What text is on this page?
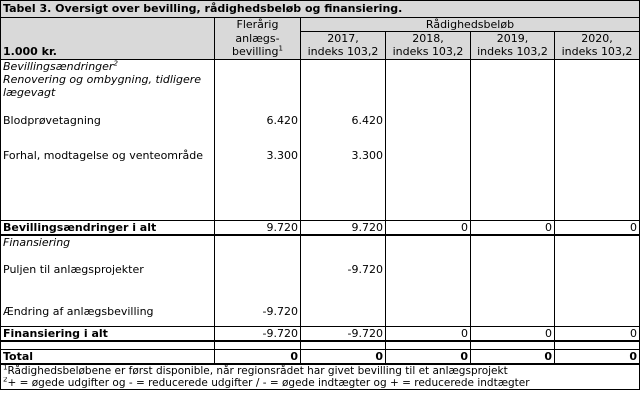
Tabel 3. Oversigt over bevilling, rådighedsbeløb og finansiering.					
	Flerårig	Rådighedsbeløb			
	anlægs-	2017,	2018,	2019,	2020,
1.000 kr.	bevilling$^1$	indeks 103,2	indeks 103,2	indeks 103,2	indeks 103,2
Bevillingsændringer$^2$					
Renovering og ombygning, tidligere lægevagt					

Blodprøvetagning	6.420	6.420			

Forhal, modtagelse og venteområde	3.300	3.300			

Bevillingsændringer i alt	9.720	9.720	0	0	0
Finansiering					

Puljen til anlægsprojekter		-9.720			

Ændring af anlægsbevilling	-9.720				

Finansiering i alt	-9.720	-9.720	0	0	0

Total	0	0	0	0	0
$^1$Rådighedsbeløbene er først disponible, når regionsrådet har givet bevilling til et anlægsprojekt					
$^2$+ = øgede udgifter og - = reducerede udgifter / - = øgede indtægter og + = reducerede indtægter					
